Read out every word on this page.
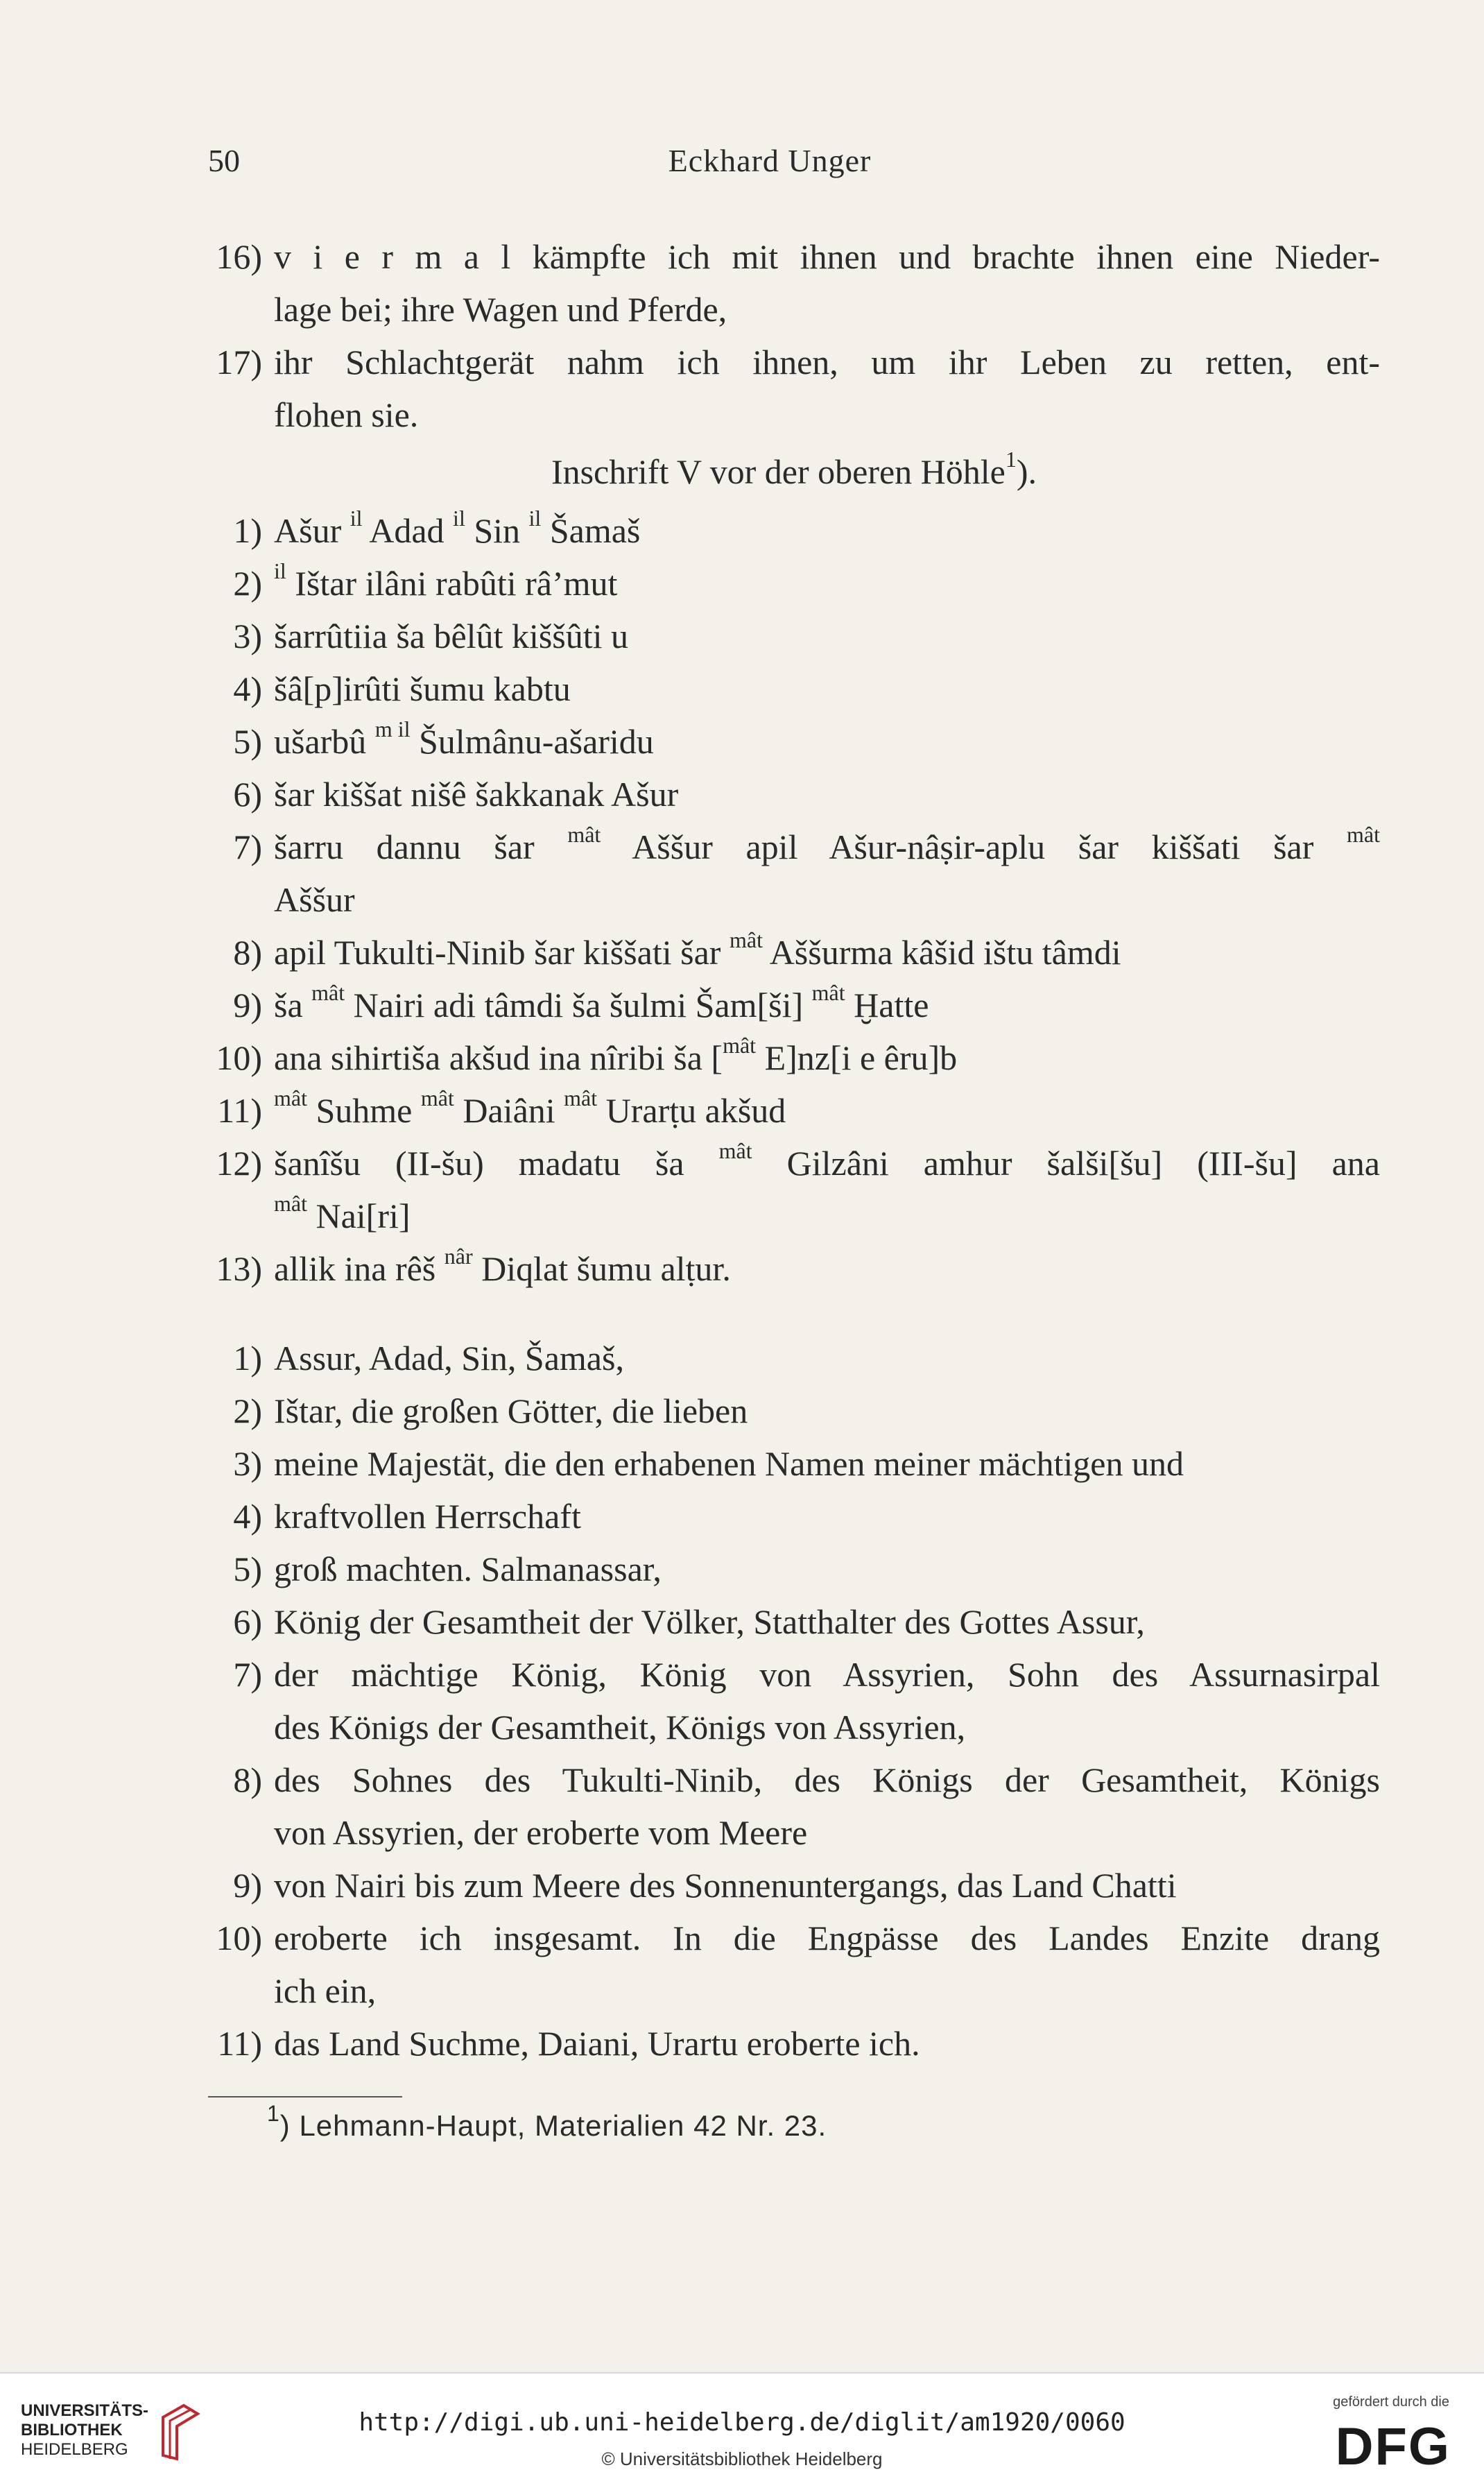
50	Eckhard Unger
16) v i e r m a l kämpfte ich mit ihnen und brachte ihnen eine Nieder-
lage bei; ihre Wagen und Pferde,
17) ihr Schlachtgerät nahm ich ihnen, um ihr Leben zu retten, ent-
flohen sie.
Inschrift V vor der oberen Höhle$^1$).
1) Ašur $^{il}$ Adad $^{il}$ Sin $^{il}$ Šamaš
2) $^{il}$ Ištar ilâni rabûti râ’mut
3) šarrûtiia ša bêlût kiššûti u
4) šâ[p]irûti šumu kabtu
5) ušarbû $^{m il}$ Šulmânu-ašaridu
6) šar kiššat nišê šakkanak Ašur
7) šarru dannu šar $^{mât}$ Aššur apil Ašur-nâṣir-aplu šar kiššati šar $^{mât}$
Aššur
8) apil Tukulti-Ninib šar kiššati šar $^{mât}$ Aššurma kâšid ištu tâmdi
9) ša $^{mât}$ Nairi adi tâmdi ša šulmi Šam[ši] $^{mât}$ Ḫatte
10) ana sihirtiša akšud ina nîribi ša [$^{mât}$ E]nz[i e êru]b
11) $^{mât}$ Suhme $^{mât}$ Daiâni $^{mât}$ Urarṭu akšud
12) šanîšu (II-šu) madatu ša $^{mât}$ Gilzâni amhur šalši[šu] (III-šu] ana
$^{mât}$ Nai[ri]
13) allik ina rêš $^{nâr}$ Diqlat šumu alṭur.
1) Assur, Adad, Sin, Šamaš,
2) Ištar, die großen Götter, die lieben
3) meine Majestät, die den erhabenen Namen meiner mächtigen und
4) kraftvollen Herrschaft
5) groß machten. Salmanassar,
6) König der Gesamtheit der Völker, Statthalter des Gottes Assur,
7) der mächtige König, König von Assyrien, Sohn des Assurnasirpal
des Königs der Gesamtheit, Königs von Assyrien,
8) des Sohnes des Tukulti-Ninib, des Königs der Gesamtheit, Königs
von Assyrien, der eroberte vom Meere
9) von Nairi bis zum Meere des Sonnenuntergangs, das Land Chatti
10) eroberte ich insgesamt. In die Engpässe des Landes Enzite drang
ich ein,
11) das Land Suchme, Daiani, Urartu eroberte ich.
$^1$) Lehmann-Haupt, Materialien 42 Nr. 23.
UNIVERSITÄTS-
BIBLIOTHEK
HEIDELBERG
http://digi.ub.uni-heidelberg.de/diglit/am1920/0060
© Universitätsbibliothek Heidelberg
gefördert durch die
DFG
